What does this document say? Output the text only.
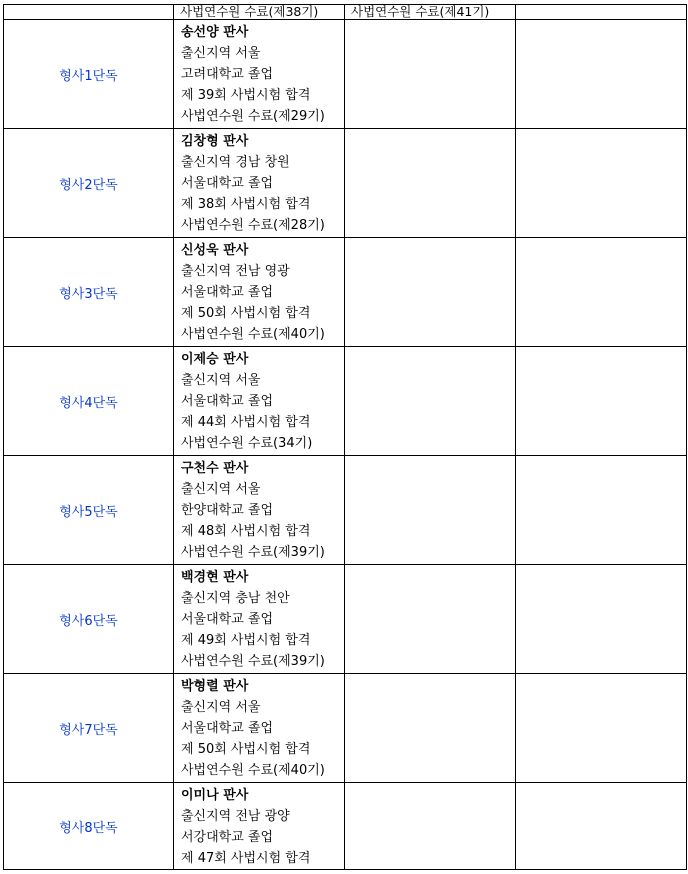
	사법연수원 수료(제38기)	사법연수원 수료(제41기)	

형사1단독	송선양 판사
출신지역 서울
고려대학교 졸업
제 39회 사법시험 합격
사법연수원 수료(제29기)		

형사2단독	김창형 판사
출신지역 경남 창원
서울대학교 졸업
제 38회 사법시험 합격
사법연수원 수료(제28기)		

형사3단독	신성욱 판사
출신지역 전남 영광
서울대학교 졸업
제 50회 사법시험 합격
사법연수원 수료(제40기)		

형사4단독	이제승 판사
출신지역 서울
서울대학교 졸업
제 44회 사법시험 합격
사법연수원 수료(34기)		

형사5단독	구천수 판사
출신지역 서울
한양대학교 졸업
제 48회 사법시험 합격
사법연수원 수료(제39기)		

형사6단독	백경현 판사
출신지역 충남 천안
서울대학교 졸업
제 49회 사법시험 합격
사법연수원 수료(제39기)		

형사7단독	박형렬 판사
출신지역 서울
서울대학교 졸업
제 50회 사법시험 합격
사법연수원 수료(제40기)		

형사8단독	이미나 판사
출신지역 전남 광양
서강대학교 졸업
제 47회 사법시험 합격		
